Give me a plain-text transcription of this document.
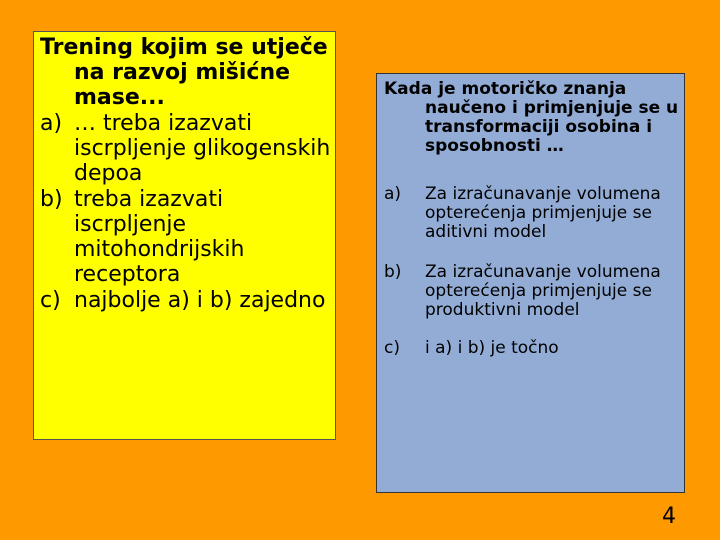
Trening kojim se utječe na razvoj mišićne mase...

a) … treba izazvati iscrpljenje glikogenskih depoa
b) treba izazvati iscrpljenje mitohondrijskih receptora
c) najbolje a) i b) zajedno

Kada je motoričko znanja naučeno i primjenjuje se u transformaciji osobina i sposobnosti …

a)	Za izračunavanje volumena opterećenja primjenjuje se aditivni model
b)	Za izračunavanje volumena opterećenja primjenjuje se produktivni model
c)	i a) i b) je točno
4
